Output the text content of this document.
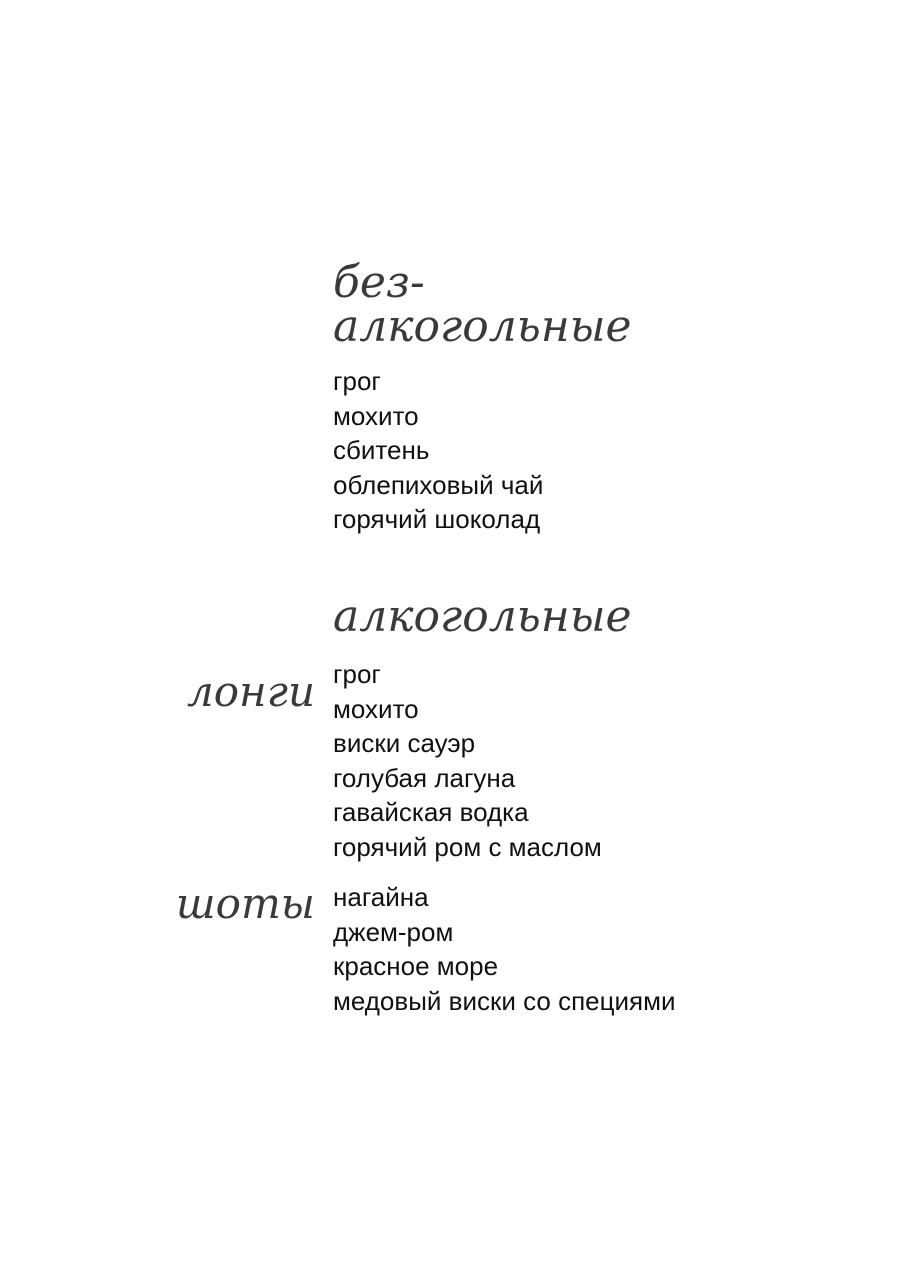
без-
алкогольные
грог
мохито
сбитень
облепиховый чай
горячий шоколад
алкогольные
лонги грог
мохито
виски сауэр
голубая лагуна
гавайская водка
горячий ром с маслом
шоты нагайна
джем-ром
красное море
медовый виски со специями
